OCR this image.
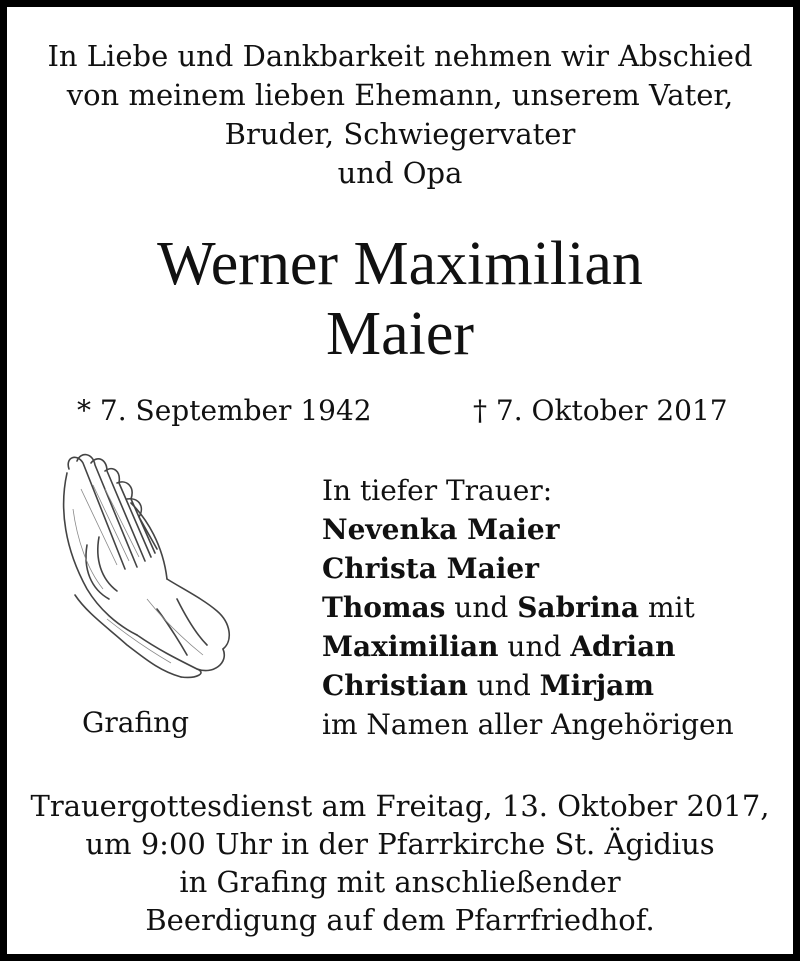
In Liebe und Dankbarkeit nehmen wir Abschied
von meinem lieben Ehemann, unserem Vater,
Bruder, Schwiegervater
und Opa
Werner Maximilian
Maier
* 7. September 1942	† 7. Oktober 2017
Grafing
In tiefer Trauer:
Nevenka Maier
Christa Maier
Thomas und Sabrina mit
Maximilian und Adrian
Christian und Mirjam
im Namen aller Angehörigen
Trauergottesdienst am Freitag, 13. Oktober 2017,
um 9:00 Uhr in der Pfarrkirche St. Ägidius
in Grafing mit anschließender
Beerdigung auf dem Pfarrfriedhof.
